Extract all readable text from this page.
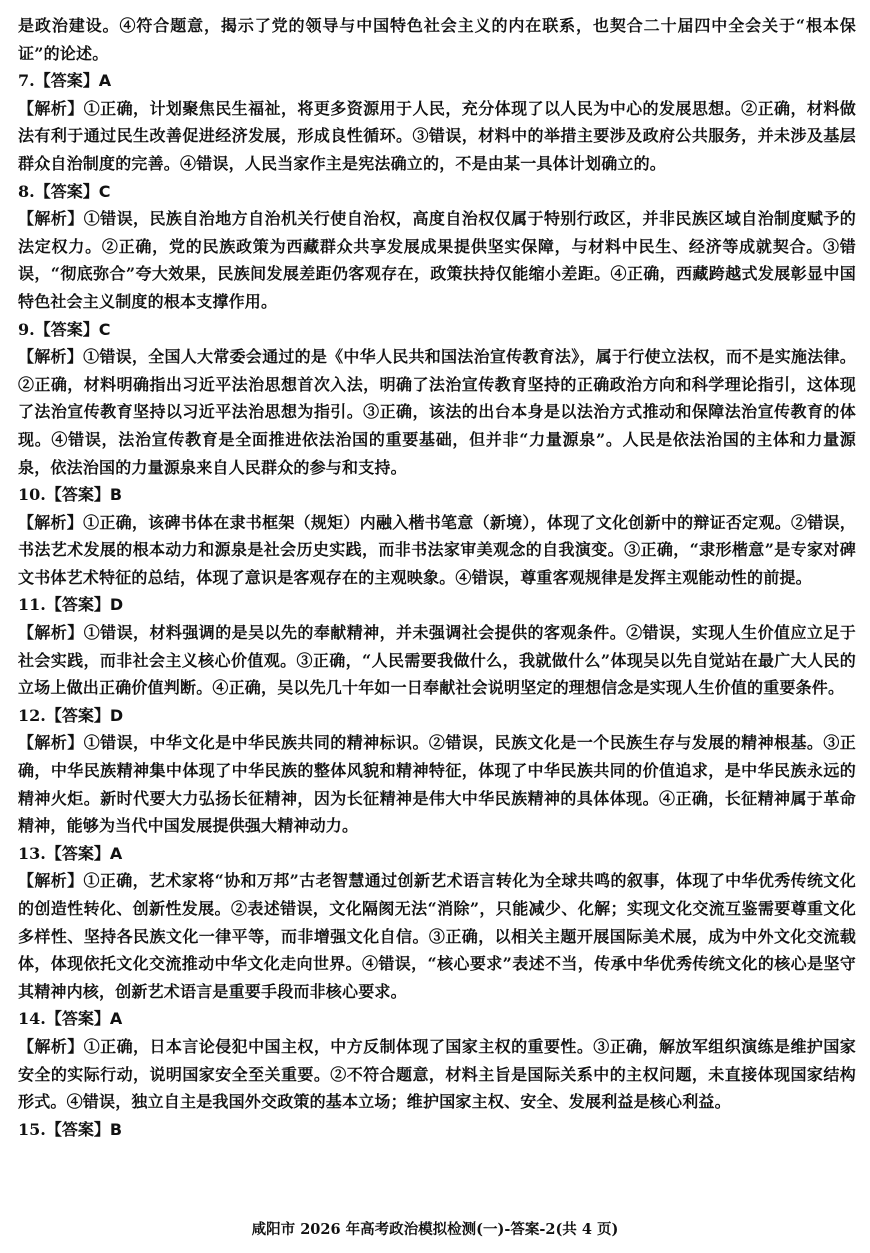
是政治建设。④符合题意，揭示了党的领导与中国特色社会主义的内在联系，也契合二十届四中全会关于“根本保证”的论述。

7.【答案】A

【解析】①正确，计划聚焦民生福祉，将更多资源用于人民，充分体现了以人民为中心的发展思想。②正确，材料做法有利于通过民生改善促进经济发展，形成良性循环。③错误，材料中的举措主要涉及政府公共服务，并未涉及基层群众自治制度的完善。④错误，人民当家作主是宪法确立的，不是由某一具体计划确立的。

8.【答案】C

【解析】①错误，民族自治地方自治机关行使自治权，高度自治权仅属于特别行政区，并非民族区域自治制度赋予的法定权力。②正确，党的民族政策为西藏群众共享发展成果提供坚实保障，与材料中民生、经济等成就契合。③错误，“彻底弥合”夸大效果，民族间发展差距仍客观存在，政策扶持仅能缩小差距。④正确，西藏跨越式发展彰显中国特色社会主义制度的根本支撑作用。

9.【答案】C

【解析】①错误，全国人大常委会通过的是《中华人民共和国法治宣传教育法》，属于行使立法权，而不是实施法律。②正确，材料明确指出习近平法治思想首次入法，明确了法治宣传教育坚持的正确政治方向和科学理论指引，这体现了法治宣传教育坚持以习近平法治思想为指引。③正确，该法的出台本身是以法治方式推动和保障法治宣传教育的体现。④错误，法治宣传教育是全面推进依法治国的重要基础，但并非“力量源泉”。人民是依法治国的主体和力量源泉，依法治国的力量源泉来自人民群众的参与和支持。

10.【答案】B

【解析】①正确，该碑书体在隶书框架（规矩）内融入楷书笔意（新境），体现了文化创新中的辩证否定观。②错误，书法艺术发展的根本动力和源泉是社会历史实践，而非书法家审美观念的自我演变。③正确，“隶形楷意”是专家对碑文书体艺术特征的总结，体现了意识是客观存在的主观映象。④错误，尊重客观规律是发挥主观能动性的前提。

11.【答案】D

【解析】①错误，材料强调的是吴以先的奉献精神，并未强调社会提供的客观条件。②错误，实现人生价值应立足于社会实践，而非社会主义核心价值观。③正确，“人民需要我做什么，我就做什么”体现吴以先自觉站在最广大人民的立场上做出正确价值判断。④正确，吴以先几十年如一日奉献社会说明坚定的理想信念是实现人生价值的重要条件。

12.【答案】D

【解析】①错误，中华文化是中华民族共同的精神标识。②错误，民族文化是一个民族生存与发展的精神根基。③正确，中华民族精神集中体现了中华民族的整体风貌和精神特征，体现了中华民族共同的价值追求，是中华民族永远的精神火炬。新时代要大力弘扬长征精神，因为长征精神是伟大中华民族精神的具体体现。④正确，长征精神属于革命精神，能够为当代中国发展提供强大精神动力。

13.【答案】A

【解析】①正确，艺术家将“协和万邦”古老智慧通过创新艺术语言转化为全球共鸣的叙事，体现了中华优秀传统文化的创造性转化、创新性发展。②表述错误，文化隔阂无法“消除”，只能减少、化解；实现文化交流互鉴需要尊重文化多样性、坚持各民族文化一律平等，而非增强文化自信。③正确，以相关主题开展国际美术展，成为中外文化交流载体，体现依托文化交流推动中华文化走向世界。④错误，“核心要求”表述不当，传承中华优秀传统文化的核心是坚守其精神内核，创新艺术语言是重要手段而非核心要求。

14.【答案】A

【解析】①正确，日本言论侵犯中国主权，中方反制体现了国家主权的重要性。③正确，解放军组织演练是维护国家安全的实际行动，说明国家安全至关重要。②不符合题意，材料主旨是国际关系中的主权问题，未直接体现国家结构形式。④错误，独立自主是我国外交政策的基本立场；维护国家主权、安全、发展利益是核心利益。

15.【答案】B

咸阳市 2026 年高考政治模拟检测(一)-答案-2(共 4 页)
